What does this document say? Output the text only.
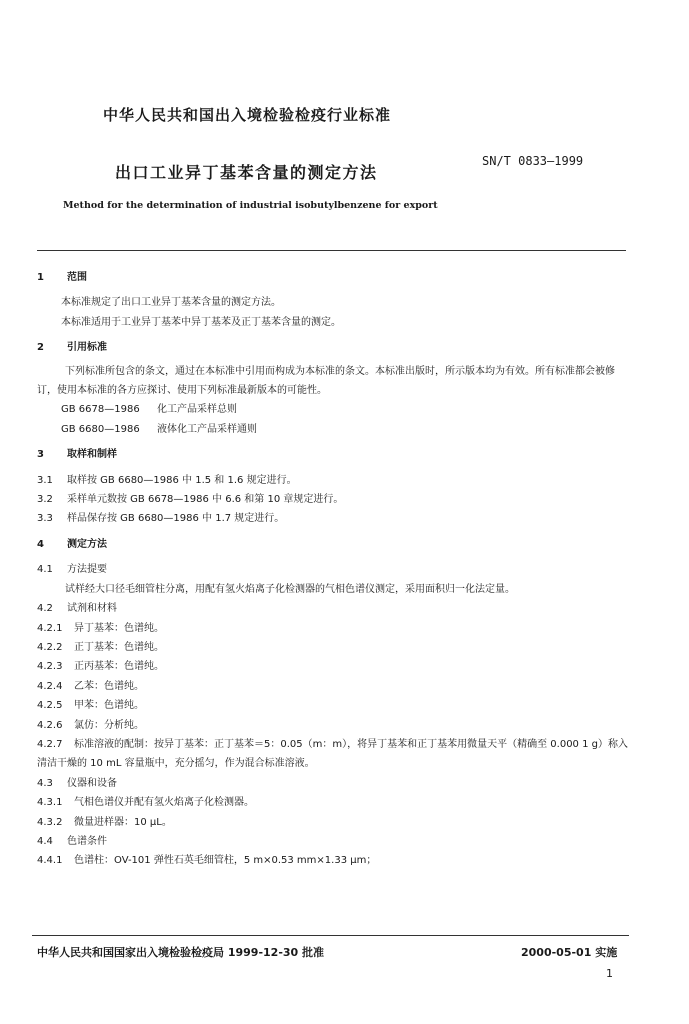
中华人民共和国出入境检验检疫行业标准
出口工业异丁基苯含量的测定方法
SN/T 0833—1999
Method for the determination of industrial isobutylbenzene for export
1	范围
本标准规定了出口工业异丁基苯含量的测定方法。
本标准适用于工业异丁基苯中异丁基苯及正丁基苯含量的测定。
2	引用标准
下列标准所包含的条文，通过在本标准中引用而构成为本标准的条文。本标准出版时，所示版本均为有效。所有标准都会被修订，使用本标准的各方应探讨、使用下列标准最新版本的可能性。
GB 6678—1986	化工产品采样总则
GB 6680—1986	液体化工产品采样通则
3	取样和制样
3.1	取样按 GB 6680—1986 中 1.5 和 1.6 规定进行。
3.2	采样单元数按 GB 6678—1986 中 6.6 和第 10 章规定进行。
3.3	样品保存按 GB 6680—1986 中 1.7 规定进行。
4	测定方法
4.1	方法提要
试样经大口径毛细管柱分离，用配有氢火焰离子化检测器的气相色谱仪测定，采用面积归一化法定量。
4.2	试剂和材料
4.2.1	异丁基苯：色谱纯。
4.2.2	正丁基苯：色谱纯。
4.2.3	正丙基苯：色谱纯。
4.2.4	乙苯：色谱纯。
4.2.5	甲苯：色谱纯。
4.2.6	氯仿：分析纯。
4.2.7 标准溶液的配制：按异丁基苯：正丁基苯＝5：0.05（m：m），将异丁基苯和正丁基苯用微量天平（精确至 0.000 1 g）称入清洁干燥的 10 mL 容量瓶中，充分摇匀，作为混合标准溶液。
4.3	仪器和设备
4.3.1	气相色谱仪并配有氢火焰离子化检测器。
4.3.2	微量进样器：10 μL。
4.4	色谱条件
4.4.1	色谱柱：OV-101 弹性石英毛细管柱，5 m×0.53 mm×1.33 μm；
中华人民共和国国家出入境检验检疫局 1999-12-30 批准	2000-05-01 实施
1
